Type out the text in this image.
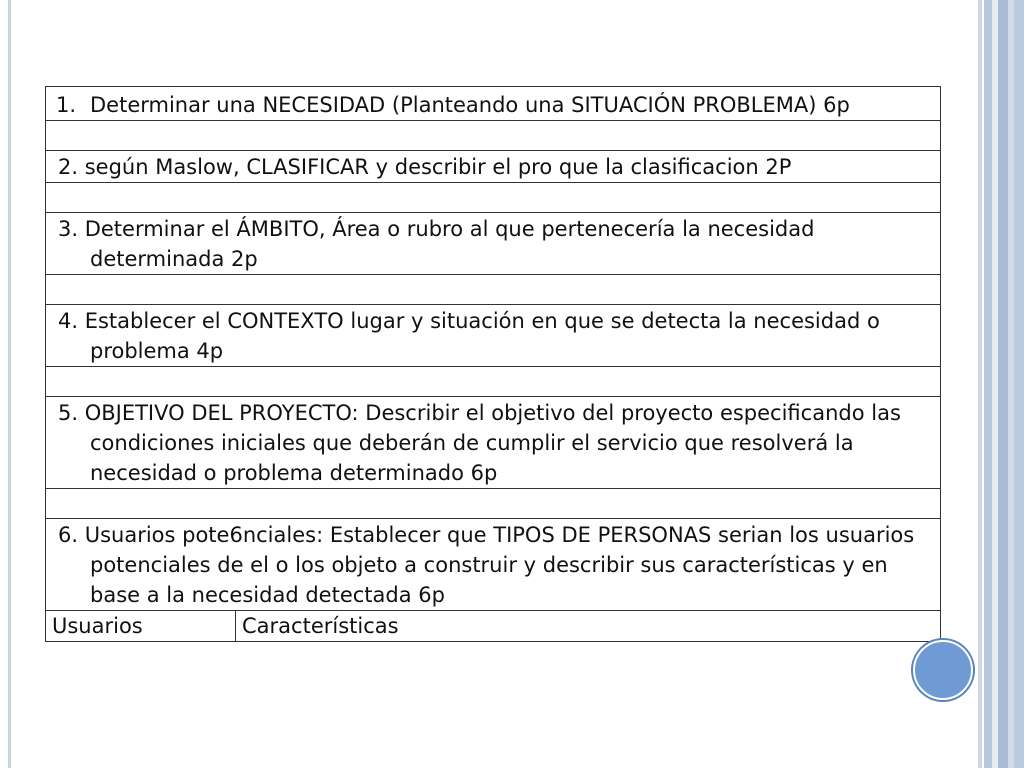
1. Determinar una NECESIDAD (Planteando una SITUACIÓN PROBLEMA) 6p

2. según Maslow, CLASIFICAR y describir el pro que la clasificacion 2P

3. Determinar el ÁMBITO, Área o rubro al que pertenecería la necesidad determinada 2p

4. Establecer el CONTEXTO lugar y situación en que se detecta la necesidad o problema 4p

5. OBJETIVO DEL PROYECTO: Describir el objetivo del proyecto especificando las condiciones iniciales que deberán de cumplir el servicio que resolverá la necesidad o problema determinado 6p

6. Usuarios pote6nciales: Establecer que TIPOS DE PERSONAS serian los usuarios potenciales de el o los objeto a construir y describir sus características y en base a la necesidad detectada 6p

Usuarios	Características
